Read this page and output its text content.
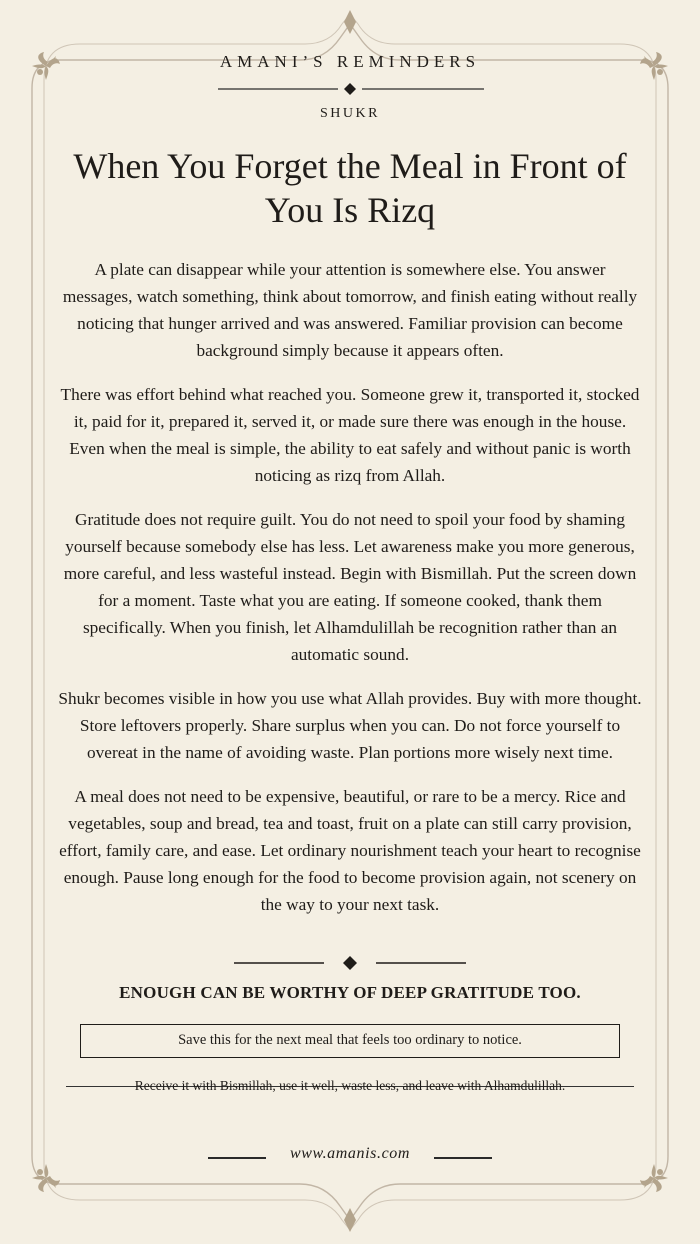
AMANI’S REMINDERS
SHUKR
When You Forget the Meal in Front of You Is Rizq

A plate can disappear while your attention is somewhere else. You answer messages, watch something, think about tomorrow, and finish eating without really noticing that hunger arrived and was answered. Familiar provision can become background simply because it appears often.

There was effort behind what reached you. Someone grew it, transported it, stocked it, paid for it, prepared it, served it, or made sure there was enough in the house. Even when the meal is simple, the ability to eat safely and without panic is worth noticing as rizq from Allah.

Gratitude does not require guilt. You do not need to spoil your food by shaming yourself because somebody else has less. Let awareness make you more generous, more careful, and less wasteful instead. Begin with Bismillah. Put the screen down for a moment. Taste what you are eating. If someone cooked, thank them specifically. When you finish, let Alhamdulillah be recognition rather than an automatic sound.

Shukr becomes visible in how you use what Allah provides. Buy with more thought. Store leftovers properly. Share surplus when you can. Do not force yourself to overeat in the name of avoiding waste. Plan portions more wisely next time.

A meal does not need to be expensive, beautiful, or rare to be a mercy. Rice and vegetables, soup and bread, tea and toast, fruit on a plate can still carry provision, effort, family care, and ease. Let ordinary nourishment teach your heart to recognise enough. Pause long enough for the food to become provision again, not scenery on the way to your next task.

ENOUGH CAN BE WORTHY OF DEEP GRATITUDE TOO.
Save this for the next meal that feels too ordinary to notice.
Receive it with Bismillah, use it well, waste less, and leave with Alhamdulillah.
www.amanis.com
